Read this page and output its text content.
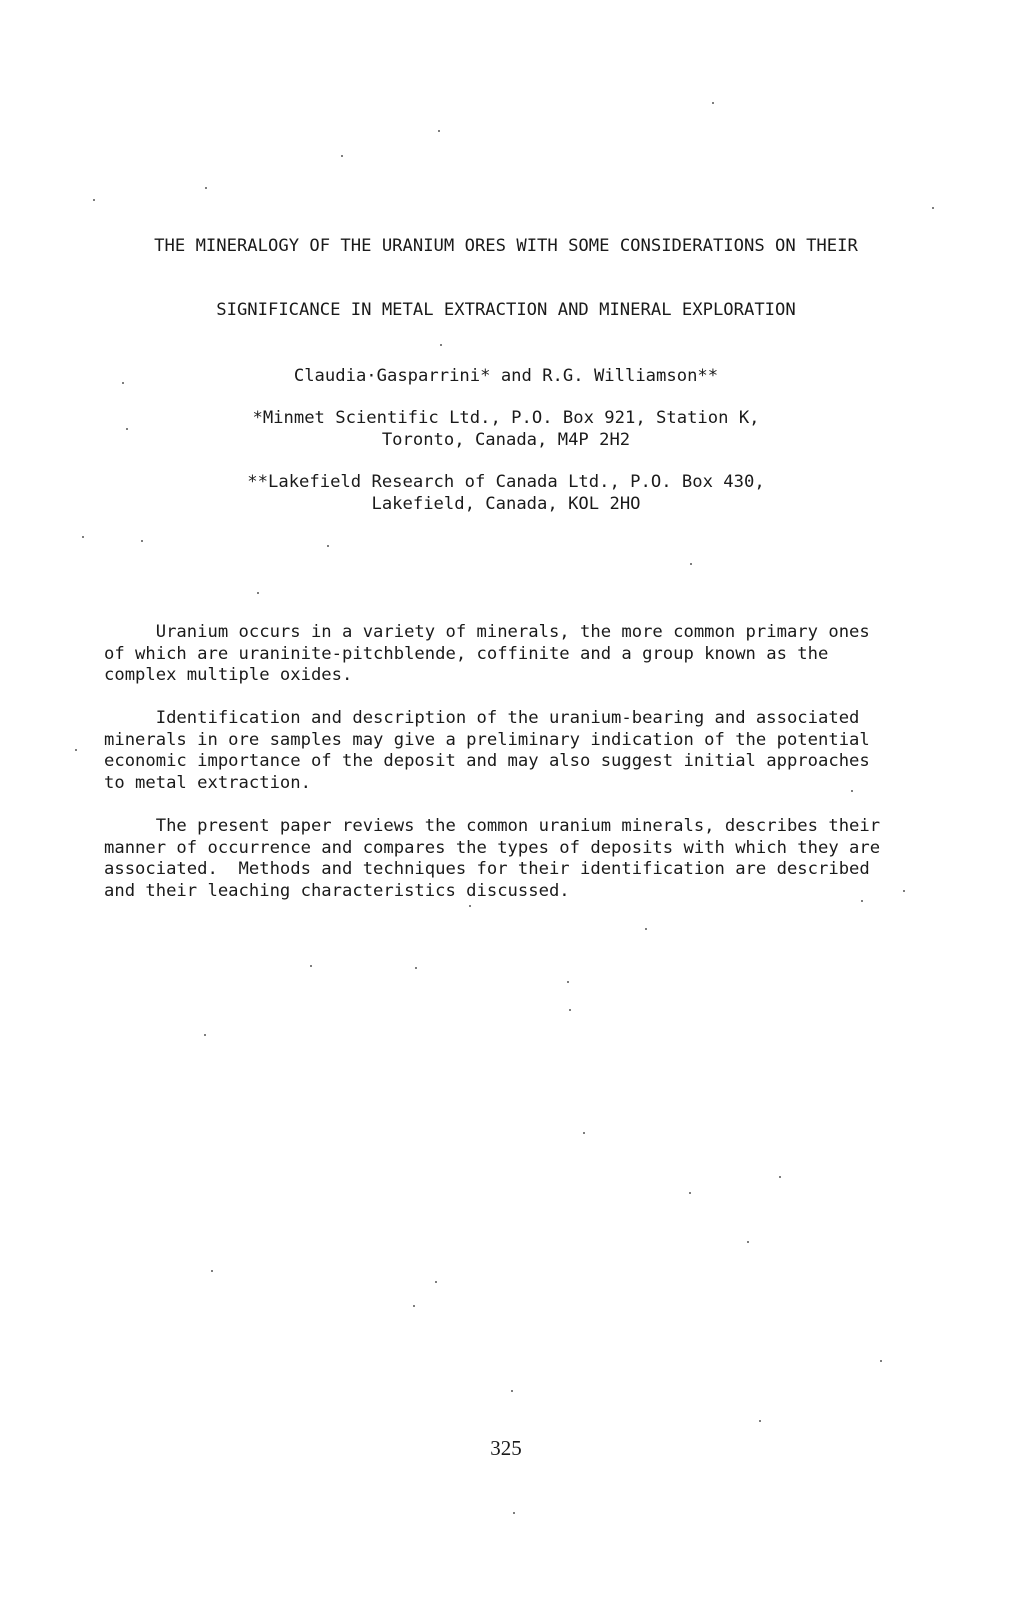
THE MINERALOGY OF THE URANIUM ORES WITH SOME CONSIDERATIONS ON THEIR
SIGNIFICANCE IN METAL EXTRACTION AND MINERAL EXPLORATION
Claudia·Gasparrini* and R.G. Williamson**
*Minmet Scientific Ltd., P.O. Box 921, Station K,
Toronto, Canada, M4P 2H2
**Lakefield Research of Canada Ltd., P.O. Box 430,
Lakefield, Canada, KOL 2HO
Uranium occurs in a variety of minerals, the more common primary ones
of which are uraninite-pitchblende, coffinite and a group known as the
complex multiple oxides.
Identification and description of the uranium-bearing and associated
minerals in ore samples may give a preliminary indication of the potential
economic importance of the deposit and may also suggest initial approaches
to metal extraction.
The present paper reviews the common uranium minerals, describes their
manner of occurrence and compares the types of deposits with which they are
associated.  Methods and techniques for their identification are described
and their leaching characteristics discussed.
325
